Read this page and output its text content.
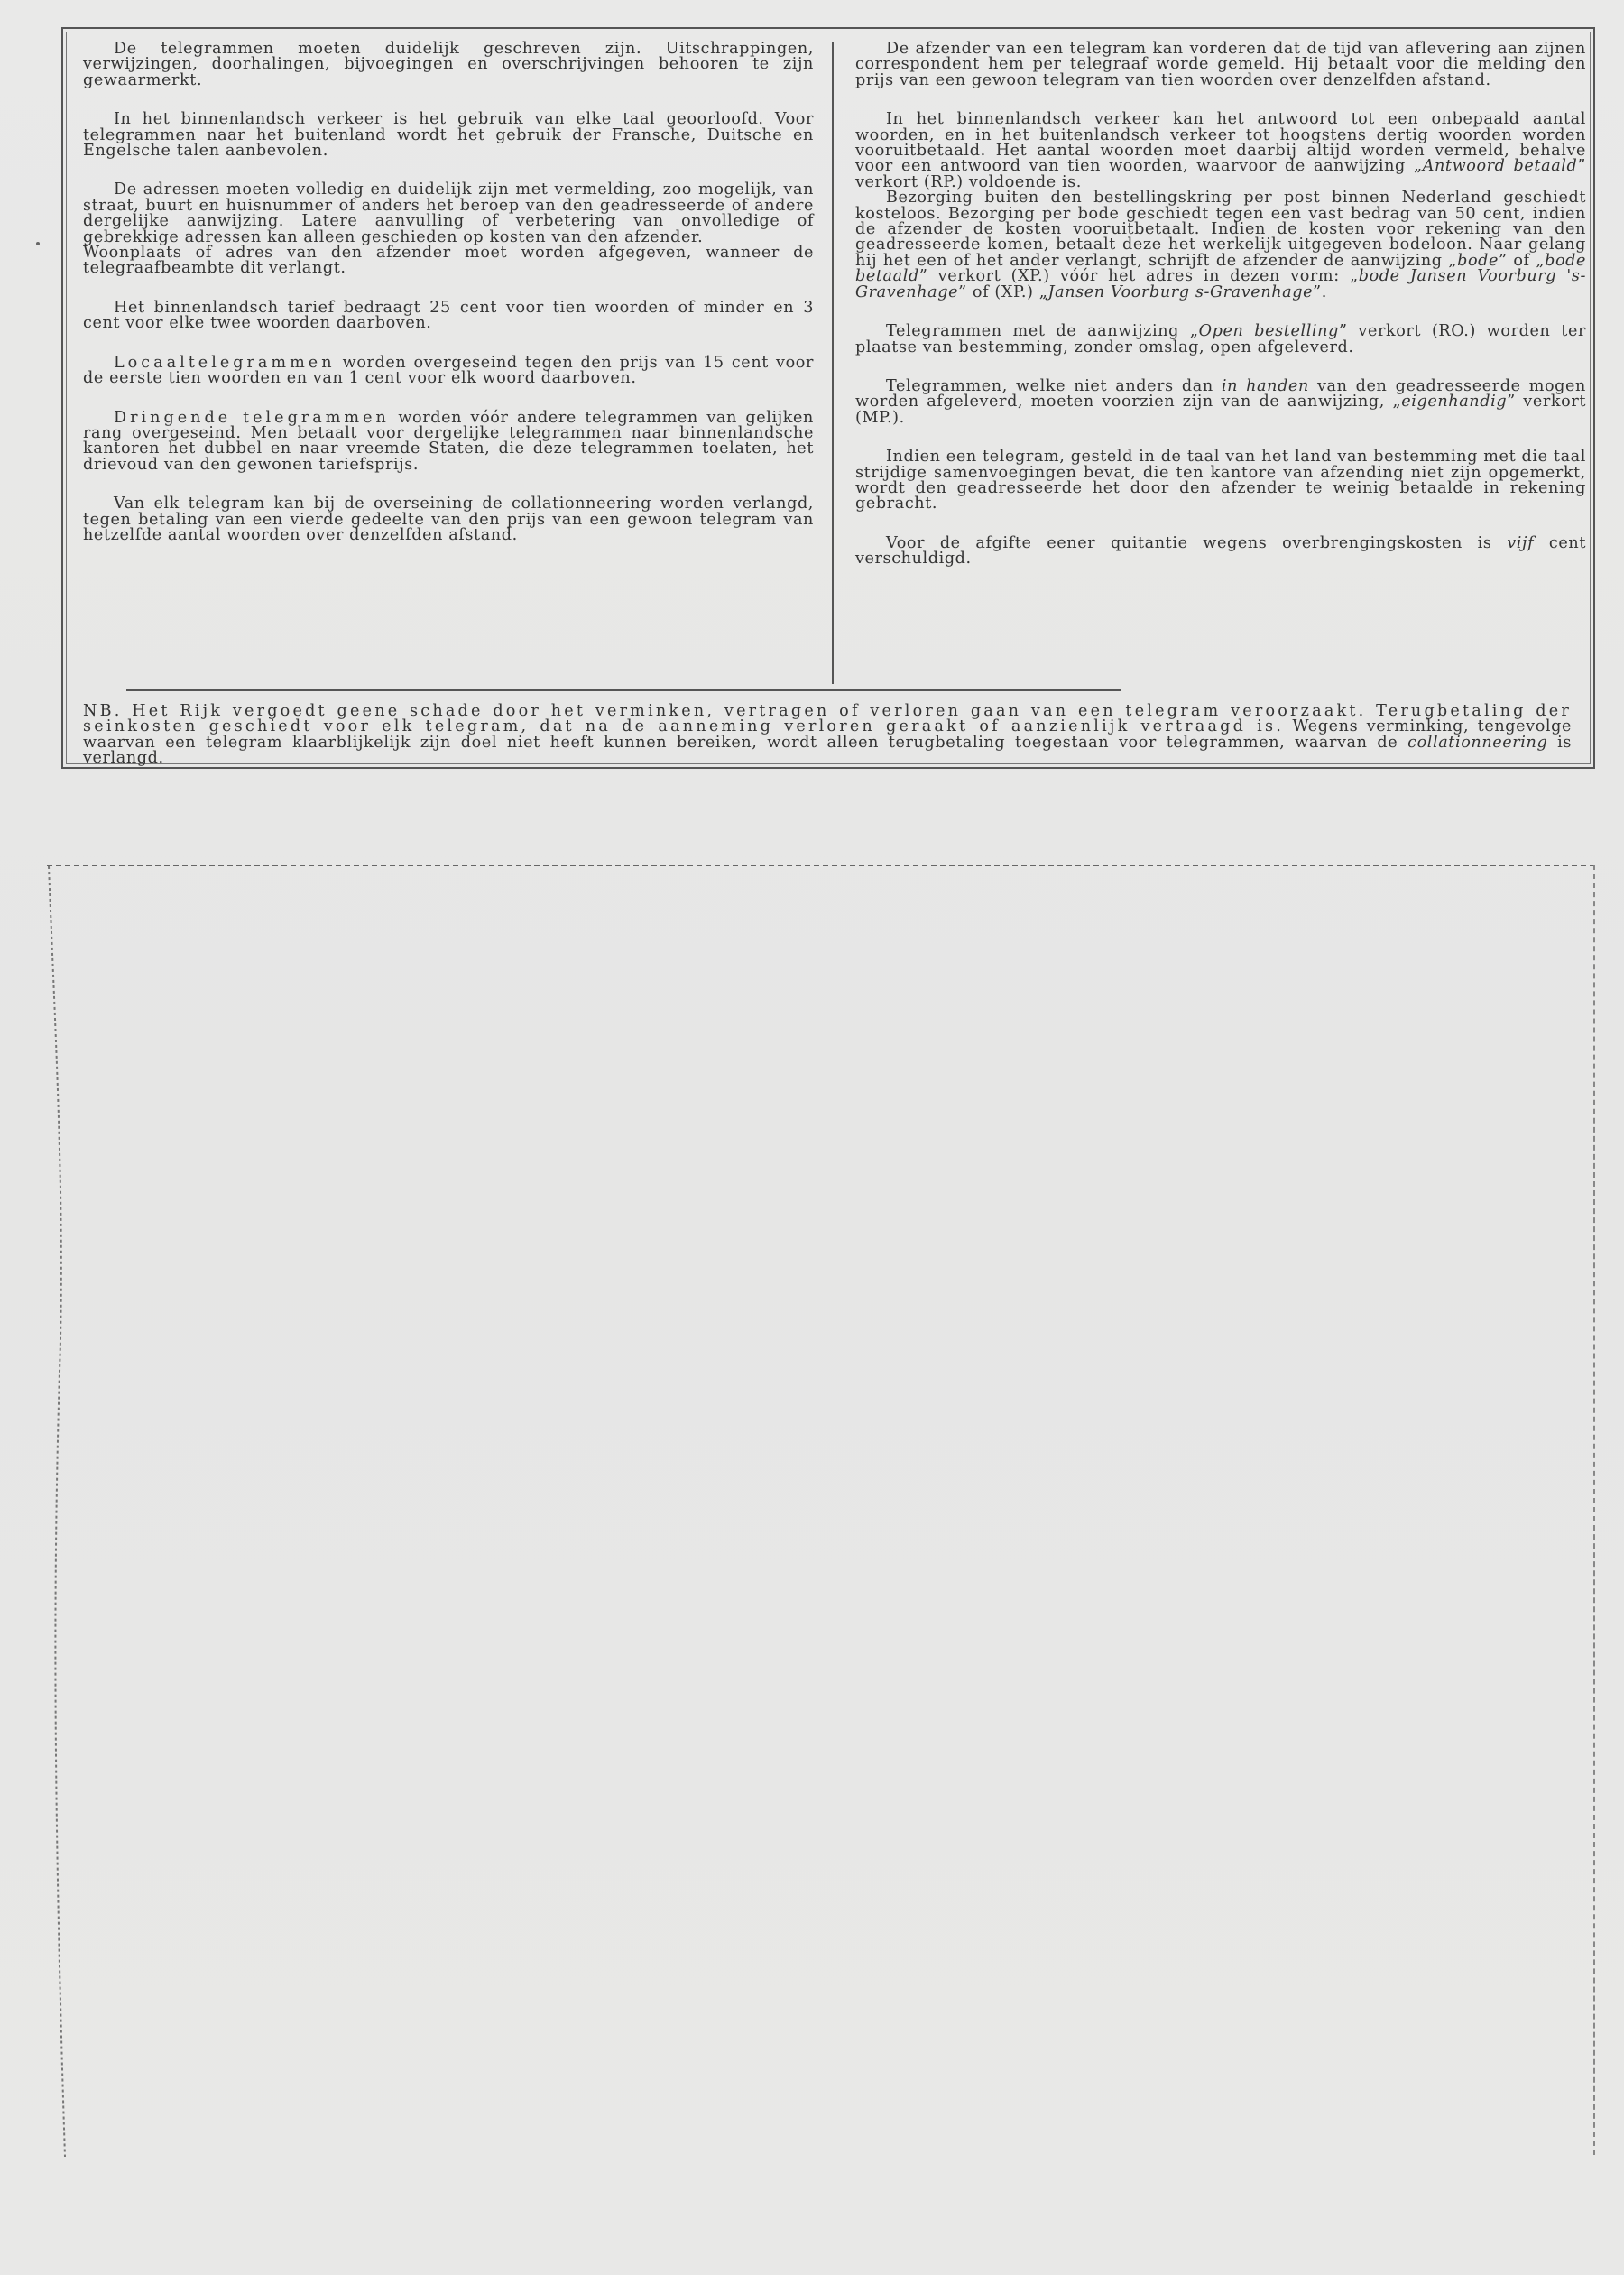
De telegrammen moeten duidelijk geschreven zijn. Uitschrappingen, verwijzingen, doorhalingen, bijvoegingen en overschrijvingen behooren te zijn gewaarmerkt.

In het binnenlandsch verkeer is het gebruik van elke taal geoorloofd. Voor telegrammen naar het buitenland wordt het gebruik der Fransche, Duitsche en Engelsche talen aanbevolen.

De adressen moeten volledig en duidelijk zijn met vermelding, zoo mogelijk, van straat, buurt en huisnummer of anders het beroep van den geadresseerde of andere dergelijke aanwijzing. Latere aanvulling of verbetering van onvolledige of gebrekkige adressen kan alleen geschieden op kosten van den afzender.

Woonplaats of adres van den afzender moet worden afgegeven, wanneer de telegraafbeambte dit verlangt.

Het binnenlandsch tarief bedraagt 25 cent voor tien woorden of minder en 3 cent voor elke twee woorden daarboven.

Locaaltelegrammen worden overgeseind tegen den prijs van 15 cent voor de eerste tien woorden en van 1 cent voor elk woord daarboven.

Dringende telegrammen worden vóór andere telegrammen van gelijken rang overgeseind. Men betaalt voor dergelijke telegrammen naar binnenlandsche kantoren het dubbel en naar vreemde Staten, die deze telegrammen toelaten, het drievoud van den gewonen tariefsprijs.

Van elk telegram kan bij de overseining de collationneering worden verlangd, tegen betaling van een vierde gedeelte van den prijs van een gewoon telegram van hetzelfde aantal woorden over denzelfden afstand.

De afzender van een telegram kan vorderen dat de tijd van aflevering aan zijnen correspondent hem per telegraaf worde gemeld. Hij betaalt voor die melding den prijs van een gewoon telegram van tien woorden over denzelfden afstand.

In het binnenlandsch verkeer kan het antwoord tot een onbepaald aantal woorden, en in het buitenlandsch verkeer tot hoogstens dertig woorden worden vooruitbetaald. Het aantal woorden moet daarbij altijd worden vermeld, behalve voor een antwoord van tien woorden, waarvoor de aanwijzing „Antwoord betaald” verkort (RP.) voldoende is.

Bezorging buiten den bestellingskring per post binnen Nederland geschiedt kosteloos. Bezorging per bode geschiedt tegen een vast bedrag van 50 cent, indien de afzender de kosten vooruitbetaalt. Indien de kosten voor rekening van den geadresseerde komen, betaalt deze het werkelijk uitgegeven bodeloon. Naar gelang hij het een of het ander verlangt, schrijft de afzender de aanwijzing „bode” of „bode betaald” verkort (XP.) vóór het adres in dezen vorm: „bode Jansen Voorburg 's-Gravenhage” of (XP.) „Jansen Voorburg s-Gravenhage”.

Telegrammen met de aanwijzing „Open bestelling” verkort (RO.) worden ter plaatse van bestemming, zonder omslag, open afgeleverd.

Telegrammen, welke niet anders dan in handen van den geadresseerde mogen worden afgeleverd, moeten voorzien zijn van de aanwijzing, „eigenhandig” verkort (MP.).

Indien een telegram, gesteld in de taal van het land van bestemming met die taal strijdige samenvoegingen bevat, die ten kantore van afzending niet zijn opgemerkt, wordt den geadresseerde het door den afzender te weinig betaalde in rekening gebracht.

Voor de afgifte eener quitantie wegens overbrengingskosten is vijf cent verschuldigd.

NB. Het Rijk vergoedt geene schade door het verminken, vertragen of verloren gaan van een telegram veroorzaakt. Terugbetaling der seinkosten geschiedt voor elk telegram, dat na de aanneming verloren geraakt of aanzienlijk vertraagd is. Wegens verminking, tengevolge waarvan een telegram klaarblijkelijk zijn doel niet heeft kunnen bereiken, wordt alleen terugbetaling toegestaan voor telegrammen, waarvan de collationneering is verlangd.
